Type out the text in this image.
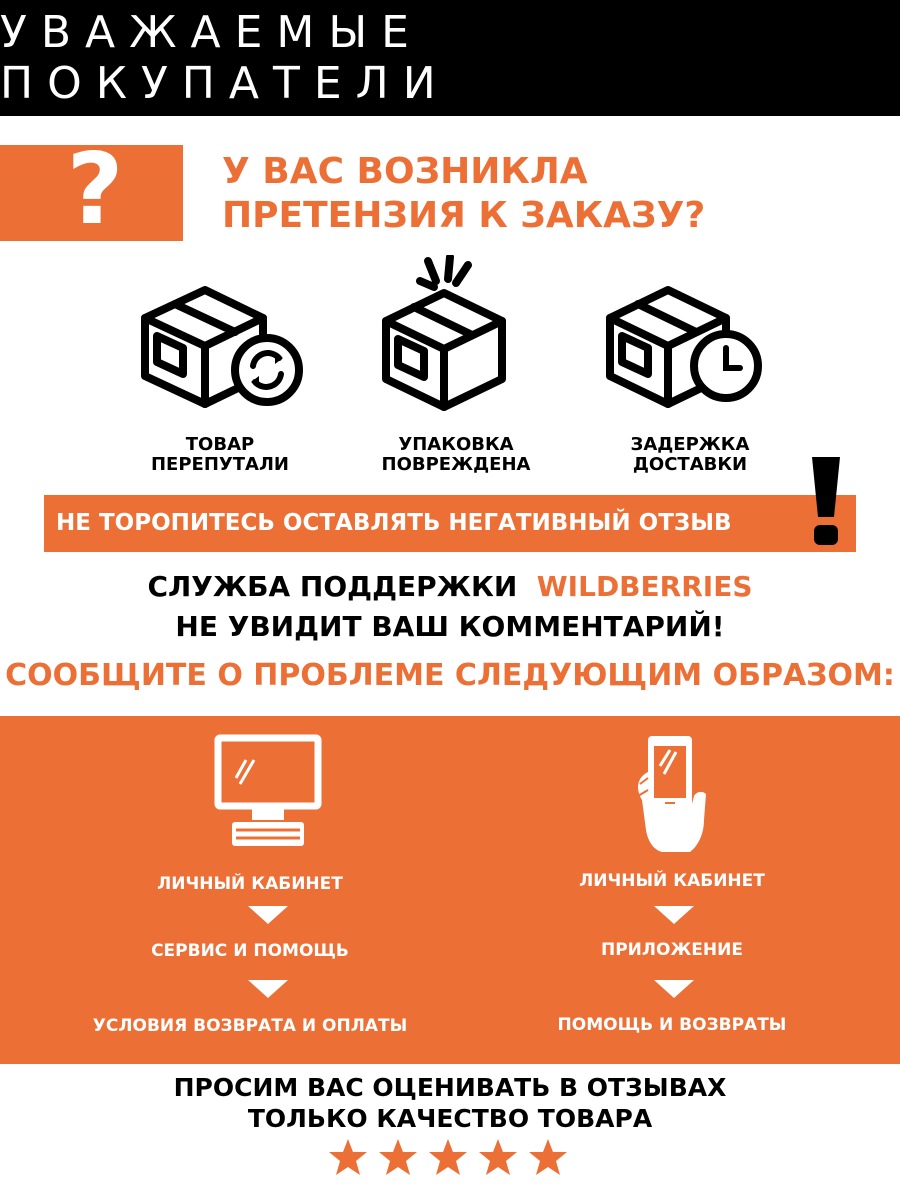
УВАЖАЕМЫЕ ПОКУПАТЕЛИ
?	У ВАС ВОЗНИКЛА
ПРЕТЕНЗИЯ К ЗАКАЗУ?
ТОВАР
ПЕРЕПУТАЛИ
УПАКОВКА
ПОВРЕЖДЕНА
ЗАДЕРЖКА
ДОСТАВКИ
НЕ ТОРОПИТЕСЬ ОСТАВЛЯТЬ НЕГАТИВНЫЙ ОТЗЫВ
СЛУЖБА ПОДДЕРЖКИ WILDBERRIES
НЕ УВИДИТ ВАШ КОММЕНТАРИЙ!
СООБЩИТЕ О ПРОБЛЕМЕ СЛЕДУЮЩИМ ОБРАЗОМ:
ЛИЧНЫЙ КАБИНЕТ
СЕРВИС И ПОМОЩЬ
УСЛОВИЯ ВОЗВРАТА И ОПЛАТЫ
ЛИЧНЫЙ КАБИНЕТ
ПРИЛОЖЕНИЕ
ПОМОЩЬ И ВОЗВРАТЫ
ПРОСИМ ВАС ОЦЕНИВАТЬ В ОТЗЫВАХ
ТОЛЬКО КАЧЕСТВО ТОВАРА
